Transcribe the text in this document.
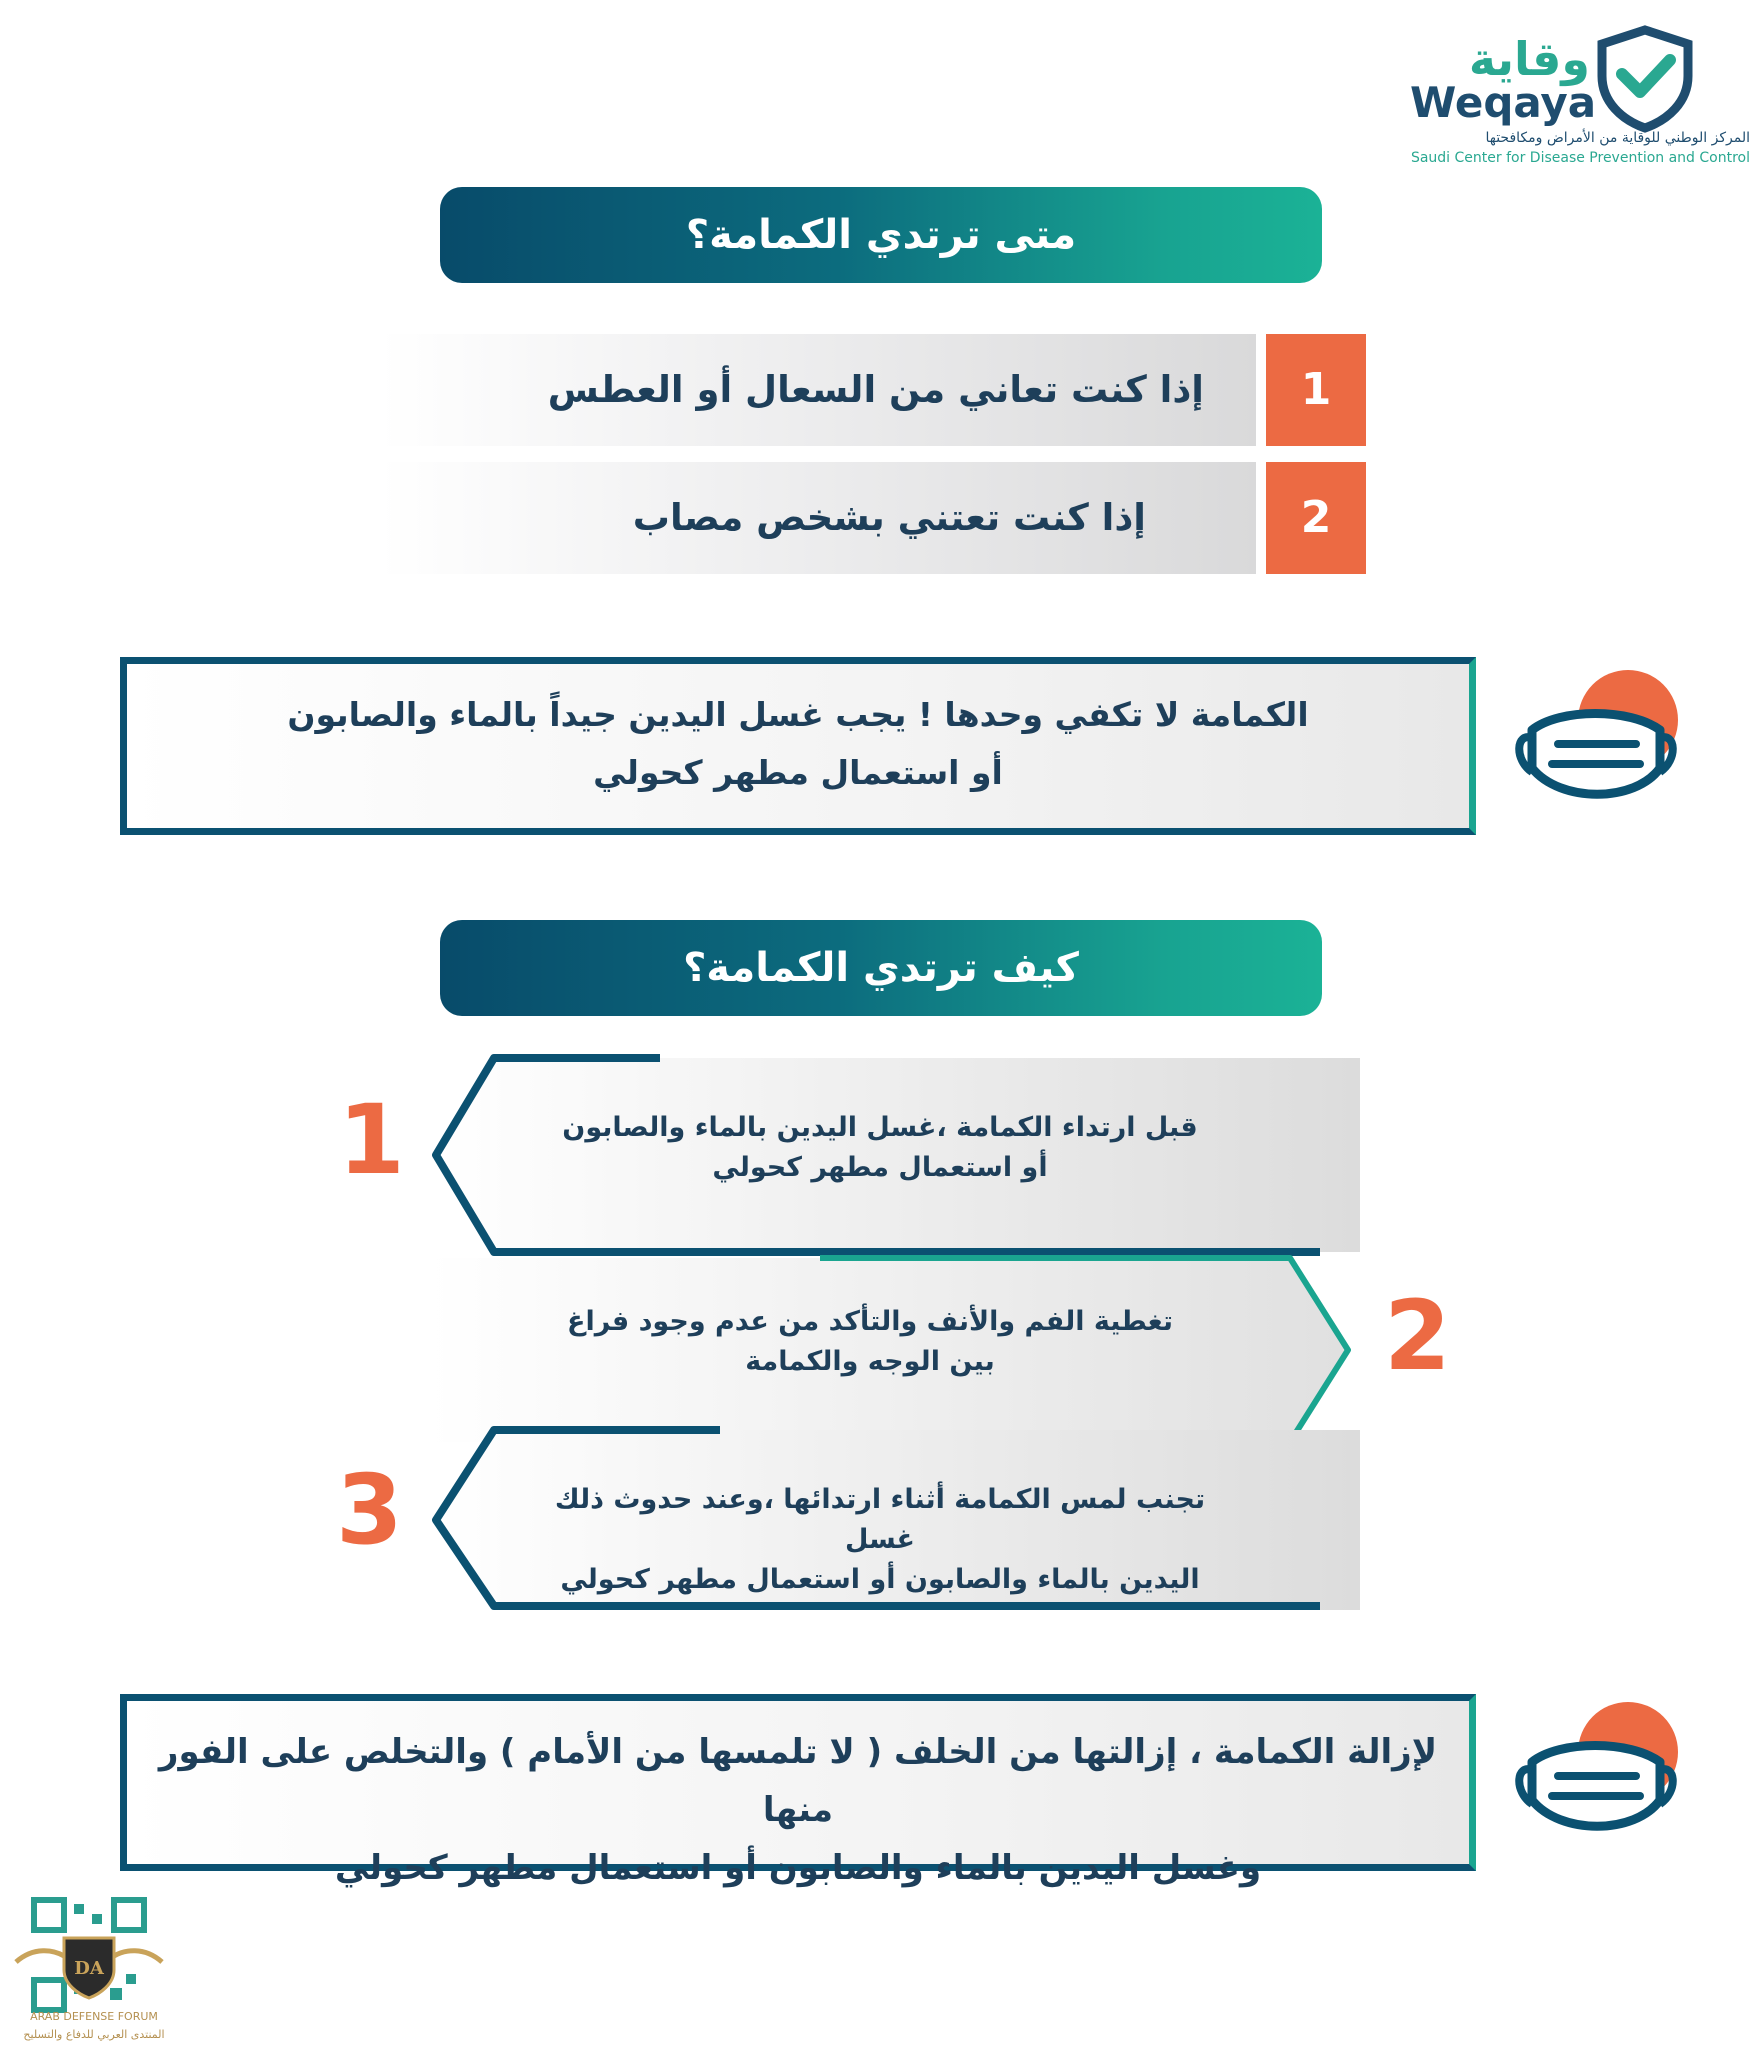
وقاية
Weqaya
المركز الوطني للوقاية من الأمراض ومكافحتها
Saudi Center for Disease Prevention and Control
متى ترتدي الكمامة؟
إذا كنت تعاني من السعال أو العطس	1
إذا كنت تعتني بشخص مصاب	2
الكمامة لا تكفي وحدها ! يجب غسل اليدين جيداً بالماء والصابون
أو استعمال مطهر كحولي
كيف ترتدي الكمامة؟
قبل ارتداء الكمامة ،غسل اليدين بالماء والصابون
أو استعمال مطهر كحولي
تغطية الفم والأنف والتأكد من عدم وجود فراغ
بين الوجه والكمامة
تجنب لمس الكمامة أثناء ارتدائها ،وعند حدوث ذلك غسل
اليدين بالماء والصابون أو استعمال مطهر كحولي
1
2
3
لإزالة الكمامة ، إزالتها من الخلف ( لا تلمسها من الأمام ) والتخلص على الفور منها
وغسل اليدين بالماء والصابون أو استعمال مطهر كحولي
DA
ARAB DEFENSE FORUM
المنتدى العربي للدفاع والتسليح
